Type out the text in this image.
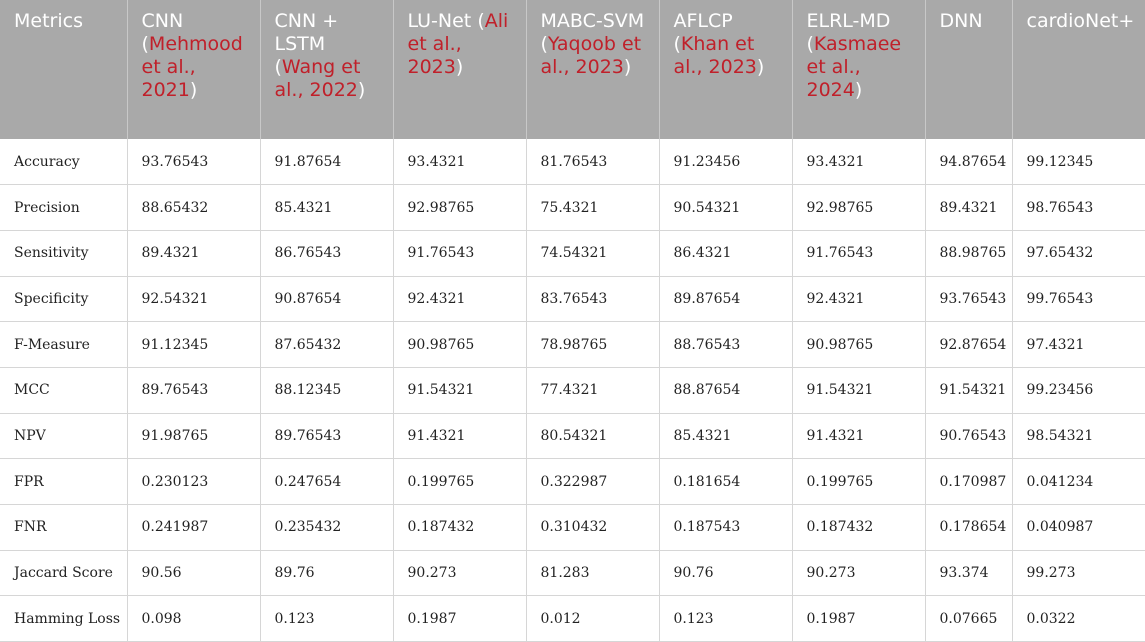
Metrics	CNN (Mehmood et al., 2021)	CNN + LSTM (Wang et al., 2022)	LU-Net (Ali et al., 2023)	MABC-SVM (Yaqoob et al., 2023)	AFLCP (Khan et al., 2023)	ELRL-MD (Kasmaee et al., 2024)	DNN	cardioNet+
Accuracy	93.76543	91.87654	93.4321	81.76543	91.23456	93.4321	94.87654	99.12345
Precision	88.65432	85.4321	92.98765	75.4321	90.54321	92.98765	89.4321	98.76543
Sensitivity	89.4321	86.76543	91.76543	74.54321	86.4321	91.76543	88.98765	97.65432
Specificity	92.54321	90.87654	92.4321	83.76543	89.87654	92.4321	93.76543	99.76543
F-Measure	91.12345	87.65432	90.98765	78.98765	88.76543	90.98765	92.87654	97.4321
MCC	89.76543	88.12345	91.54321	77.4321	88.87654	91.54321	91.54321	99.23456
NPV	91.98765	89.76543	91.4321	80.54321	85.4321	91.4321	90.76543	98.54321
FPR	0.230123	0.247654	0.199765	0.322987	0.181654	0.199765	0.170987	0.041234
FNR	0.241987	0.235432	0.187432	0.310432	0.187543	0.187432	0.178654	0.040987
Jaccard Score	90.56	89.76	90.273	81.283	90.76	90.273	93.374	99.273
Hamming Loss	0.098	0.123	0.1987	0.012	0.123	0.1987	0.07665	0.0322
